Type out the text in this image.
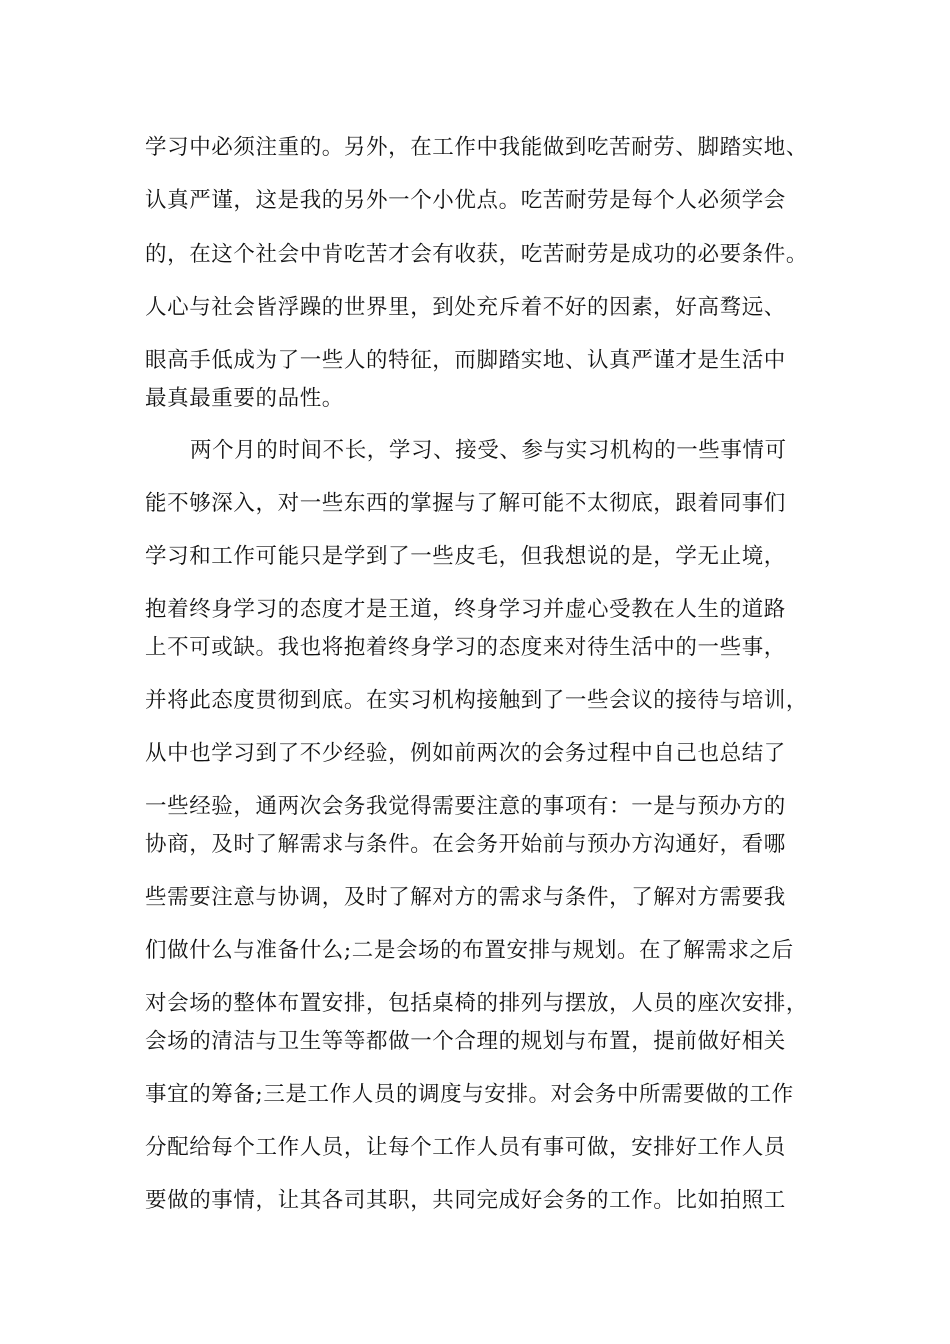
学习中必须注重的。另外，在工作中我能做到吃苦耐劳、脚踏实地、
认真严谨，这是我的另外一个小优点。吃苦耐劳是每个人必须学会
的，在这个社会中肯吃苦才会有收获，吃苦耐劳是成功的必要条件。
人心与社会皆浮躁的世界里，到处充斥着不好的因素，好高骛远、
眼高手低成为了一些人的特征，而脚踏实地、认真严谨才是生活中
最真最重要的品性。
两个月的时间不长，学习、接受、参与实习机构的一些事情可
能不够深入，对一些东西的掌握与了解可能不太彻底，跟着同事们
学习和工作可能只是学到了一些皮毛，但我想说的是，学无止境，
抱着终身学习的态度才是王道，终身学习并虚心受教在人生的道路
上不可或缺。我也将抱着终身学习的态度来对待生活中的一些事，
并将此态度贯彻到底。在实习机构接触到了一些会议的接待与培训，
从中也学习到了不少经验，例如前两次的会务过程中自己也总结了
一些经验，通两次会务我觉得需要注意的事项有：一是与预办方的
协商，及时了解需求与条件。在会务开始前与预办方沟通好，看哪
些需要注意与协调，及时了解对方的需求与条件，了解对方需要我
们做什么与准备什么;二是会场的布置安排与规划。在了解需求之后
对会场的整体布置安排，包括桌椅的排列与摆放，人员的座次安排，
会场的清洁与卫生等等都做一个合理的规划与布置，提前做好相关
事宜的筹备;三是工作人员的调度与安排。对会务中所需要做的工作
分配给每个工作人员，让每个工作人员有事可做，安排好工作人员
要做的事情，让其各司其职，共同完成好会务的工作。比如拍照工
